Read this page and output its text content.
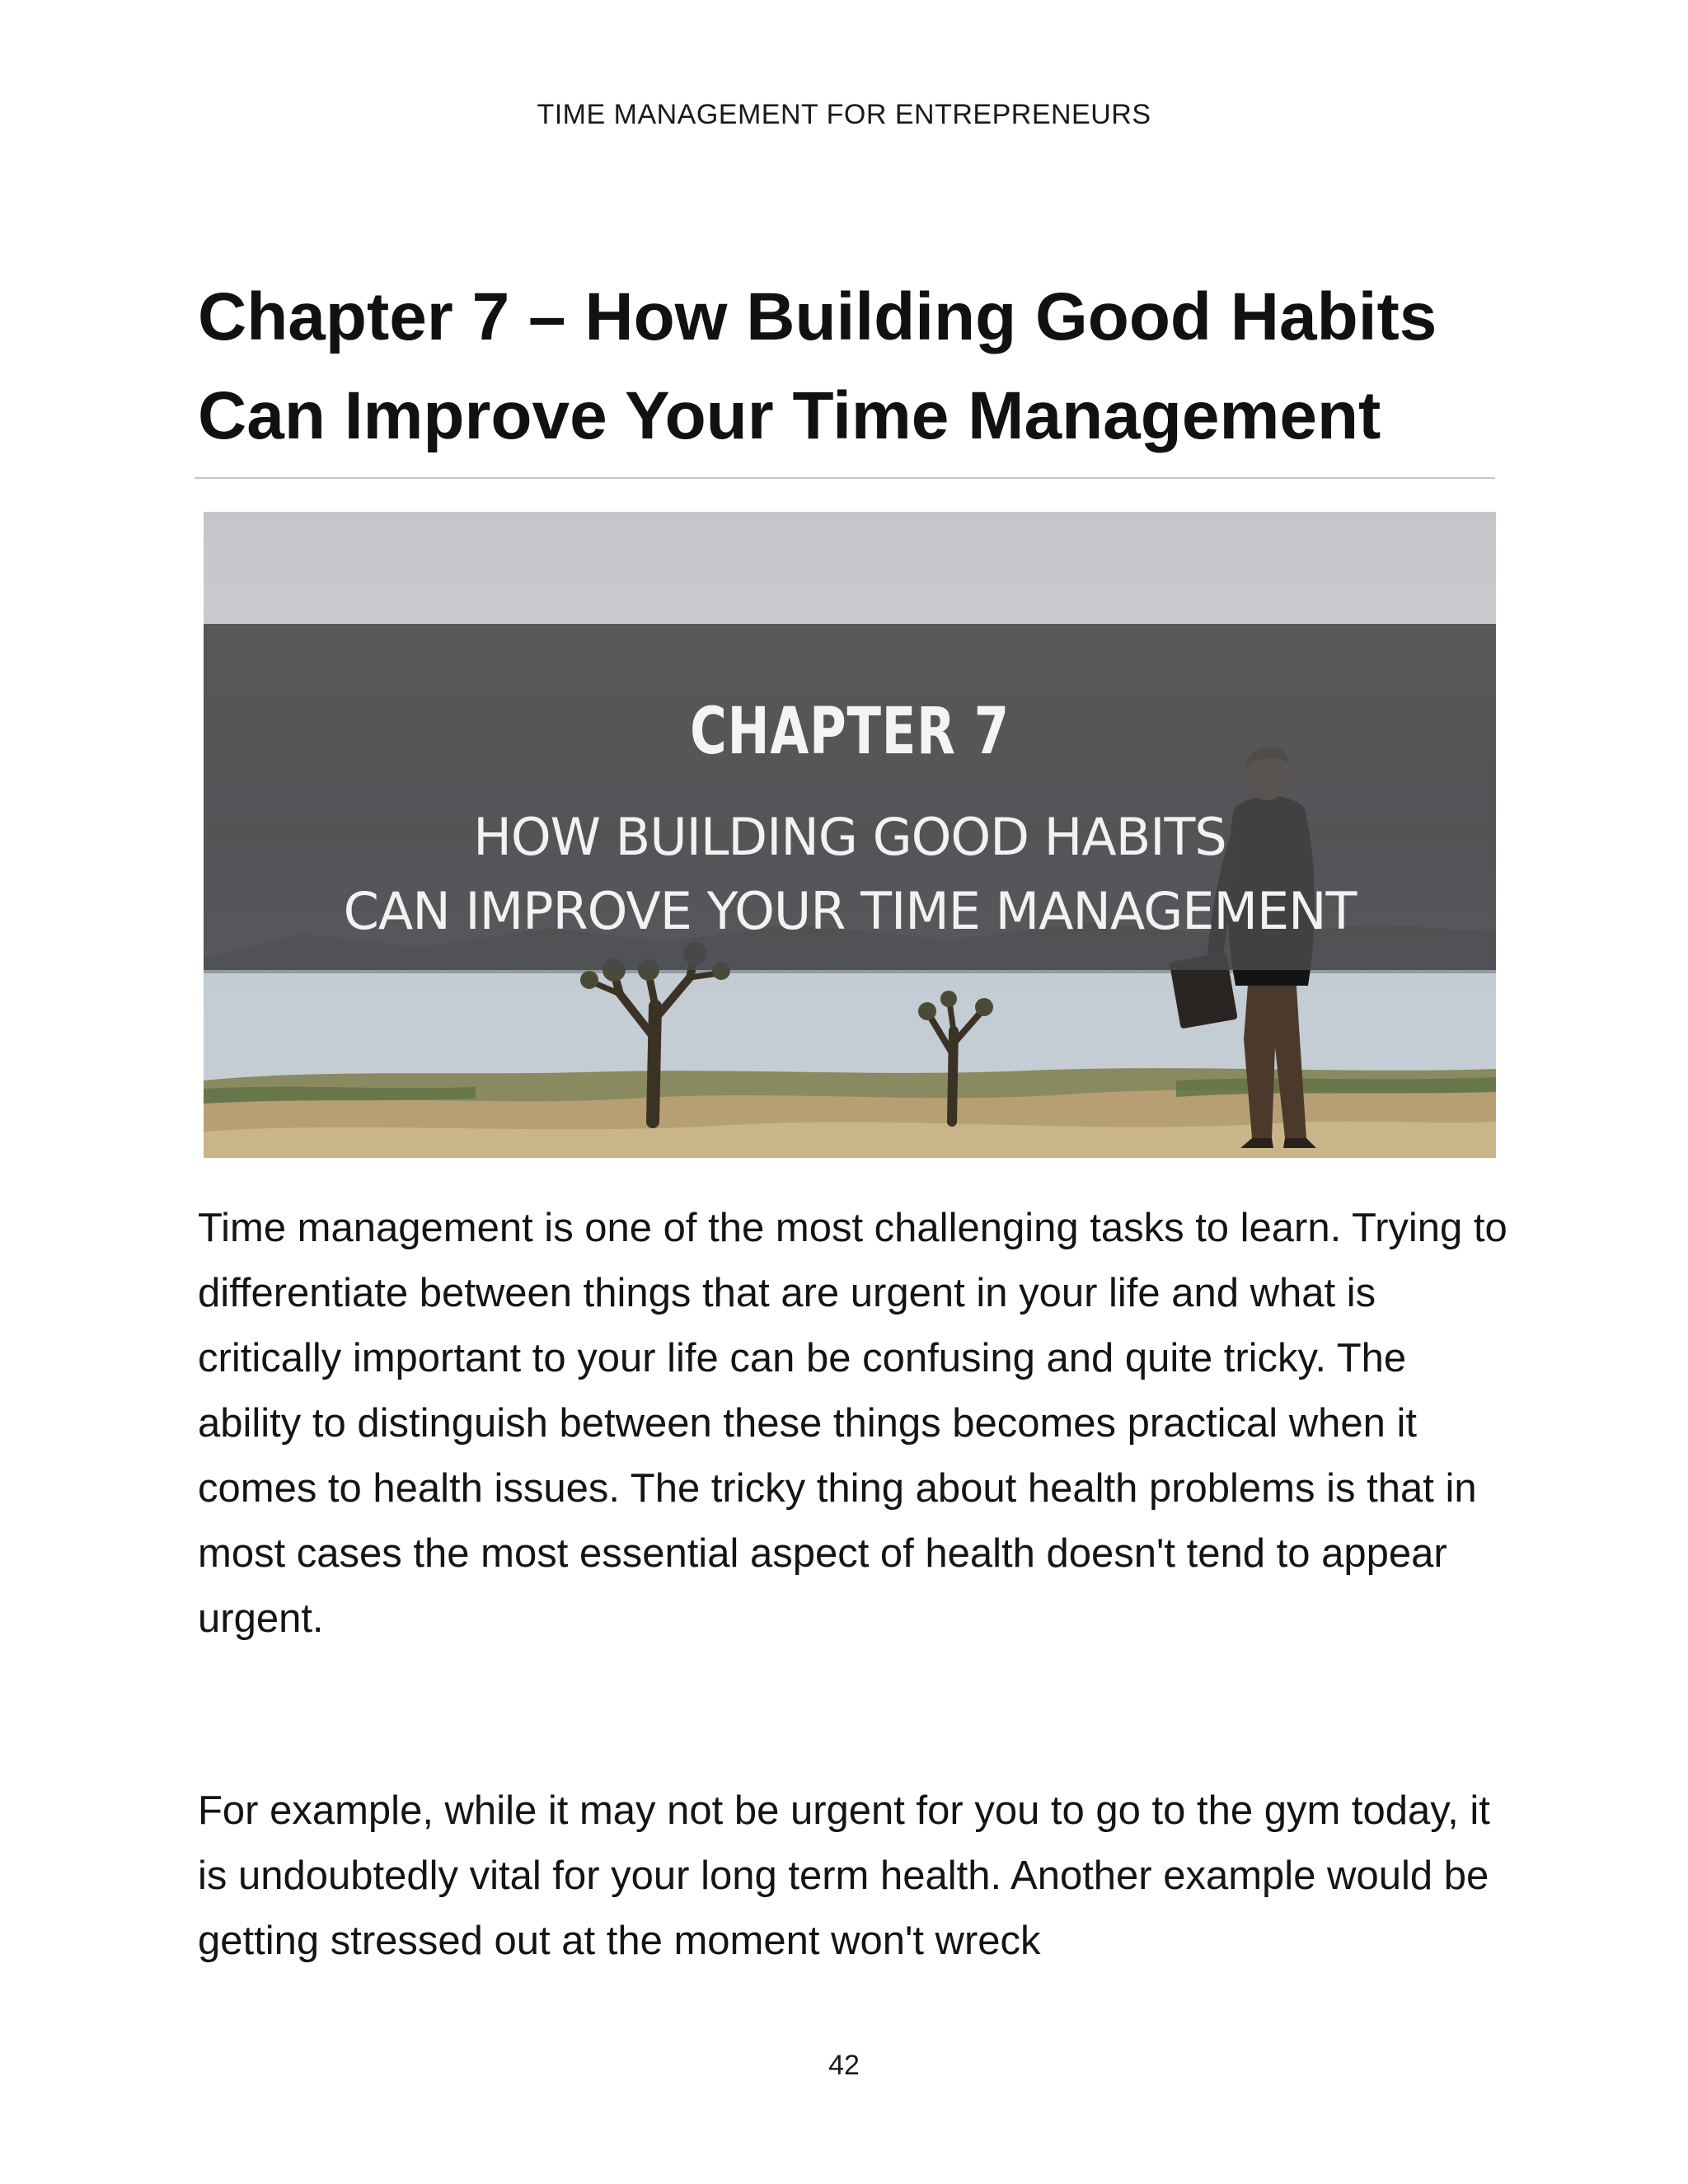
TIME MANAGEMENT FOR ENTREPRENEURS
Chapter 7 – How Building Good Habits Can Improve Your Time Management
CHAPTER 7
HOW BUILDING GOOD HABITS
CAN IMPROVE YOUR TIME MANAGEMENT

Time management is one of the most challenging tasks to learn. Trying to differentiate between things that are urgent in your life and what is critically important to your life can be confusing and quite tricky. The ability to distinguish between these things becomes practical when it comes to health issues. The tricky thing about health problems is that in most cases the most essential aspect of health doesn't tend to appear urgent.

For example, while it may not be urgent for you to go to the gym today, it is undoubtedly vital for your long term health. Another example would be getting stressed out at the moment won't wreck

42
